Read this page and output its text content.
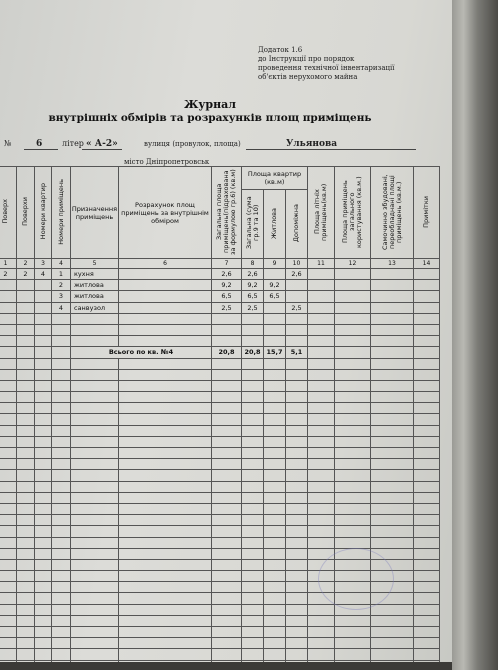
Додаток 1.6
до Інструкції про порядок
проведення технічної інвентаризації
об'єктів нерухомого майна
Журнал
внутрішніх обмірів та розрахунків площ приміщень
№	6 літер « А-2»	вулиця (провулок, площа)	Ульянова
місто Дніпропетровськ
Поверх	Поверхи	Номери квартир	Номери приміщень	Призначення приміщень	Розрахунок площ приміщень за внутрішнім обміром	Загальна площа приміщень(підрахована за формулою гр.6) (кв.м)	Площа квартир (кв.м)			Площа літніх приміщень(кв.м)	Площа приміщень загального користування (кв.м.)	Самочинно збудовані, переобладнані площі приміщень (кв.м.)	Примітки
							Загальна (сума гр.9 та 10)	Житлова	Допоміжна				
1	2	3	4	5	6	7	8	9	10	11	12	13	14
2	2	4	1	кухня		2,6	2,6		2,6				
			2	житлова		9,2	9,2	9,2					
			3	житлова		6,5	6,5	6,5					
			4	санвузол		2,5	2,5		2,5				

				Всього по кв. №4		20,8	20,8	15,7	5,1				
